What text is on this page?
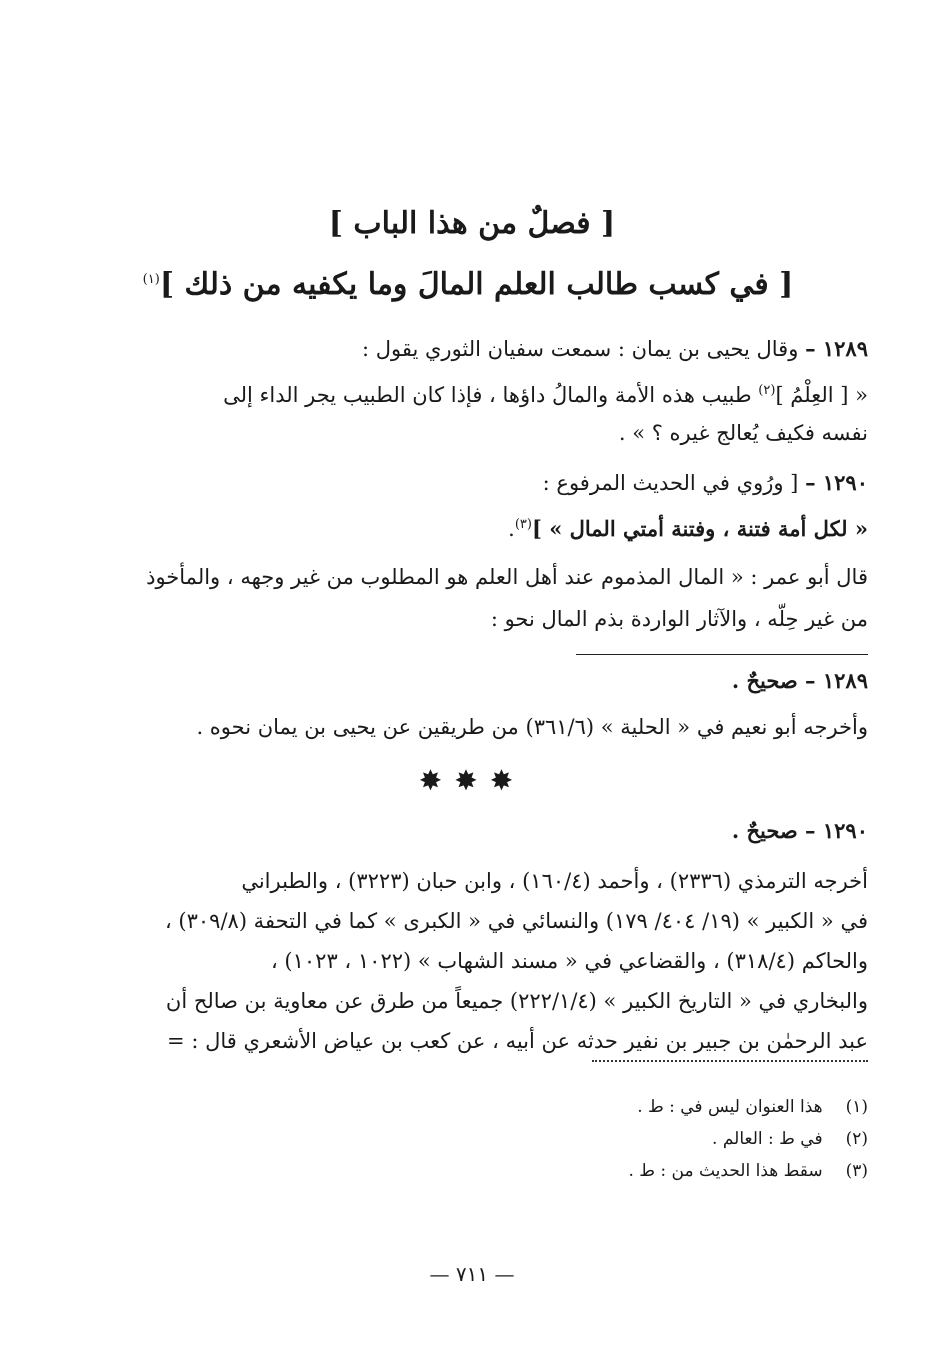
[ فصلٌ من هذا الباب ]
[ في كسب طالب العلم المالَ وما يكفيه من ذلك ]$^{(١)}$
١٢٨٩ – وقال يحيى بن يمان : سمعت سفيان الثوري يقول :
« [ العِلْمُ ]$^{(٢)}$ طبيب هذه الأمة والمالُ داؤها ، فإذا كان الطبيب يجر الداء إلى
نفسه فكيف يُعالج غيره ؟ » .
١٢٩٠ – [ ورُوي في الحديث المرفوع :
« لكل أمة فتنة ، وفتنة أمتي المال » ]$^{(٣)}$.
قال أبو عمر : « المال المذموم عند أهل العلم هو المطلوب من غير وجهه ، والمأخوذ
من غير حِلّه ، والآثار الواردة بذم المال نحو :
١٢٨٩ – صحيحٌ .
وأخرجه أبو نعيم في « الحلية » (٣٦١/٦) من طريقين عن يحيى بن يمان نحوه .
✸✸✸
١٢٩٠ – صحيحٌ .
أخرجه الترمذي (٢٣٣٦) ، وأحمد (١٦٠/٤) ، وابن حبان (٣٢٢٣) ، والطبراني
في « الكبير » (١٩/ ٤٠٤/ ١٧٩) والنسائي في « الكبرى » كما في التحفة (٣٠٩/٨) ،
والحاكم (٣١٨/٤) ، والقضاعي في « مسند الشهاب » (١٠٢٢ ، ١٠٢٣) ،
والبخاري في « التاريخ الكبير » (٢٢٢/١/٤) جميعاً من طرق عن معاوية بن صالح أن
عبد الرحمٰن بن جبير بن نفير حدثه عن أبيه ، عن كعب بن عياض الأشعري قال : =
(١) هذا العنوان ليس في : ط .
(٢) في ط : العالم .
(٣) سقط هذا الحديث من : ط .
— ٧١١ —
